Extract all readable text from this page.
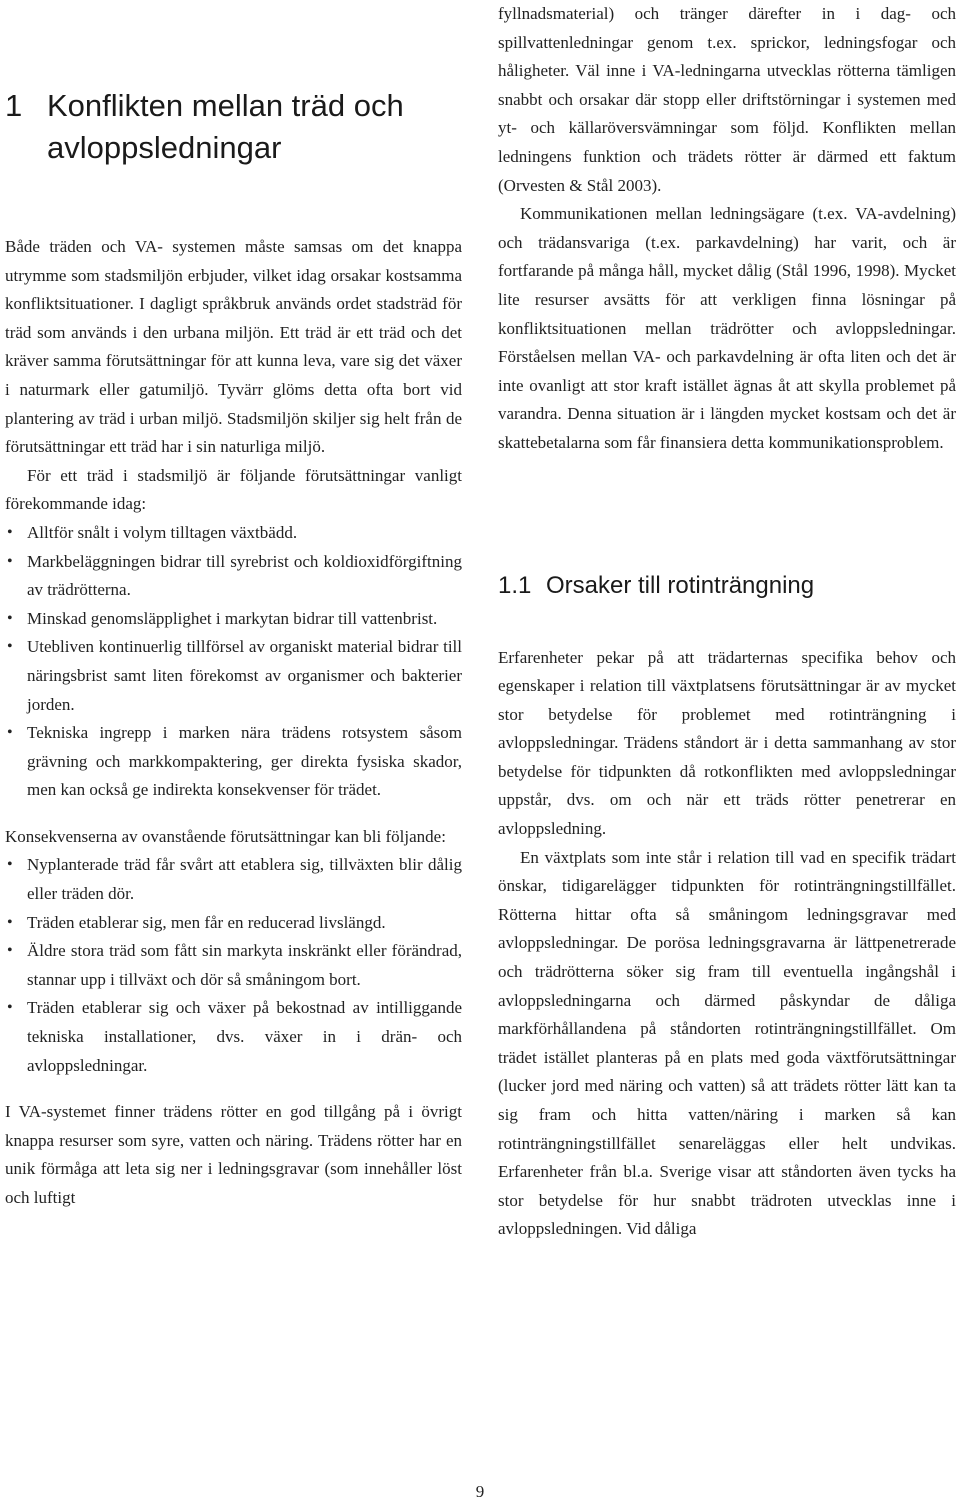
1 Konflikten mellan träd och avloppsledningar

Både träden och VA- systemen måste samsas om det knappa utrymme som stadsmiljön erbjuder, vilket idag orsakar kostsamma konfliktsituationer. I dagligt språkbruk används ordet stadsträd för träd som används i den urbana miljön. Ett träd är ett träd och det kräver samma förutsättningar för att kunna leva, vare sig det växer i naturmark eller gatumiljö. Tyvärr glöms detta ofta bort vid plantering av träd i urban miljö. Stadsmiljön skiljer sig helt från de förutsättningar ett träd har i sin naturliga miljö.

För ett träd i stadsmiljö är följande förutsättningar vanligt förekommande idag:

• Alltför snålt i volym tilltagen växtbädd.
• Markbeläggningen bidrar till syrebrist och koldioxidförgiftning av trädrötterna.
• Minskad genomsläpplighet i markytan bidrar till vattenbrist.
• Utebliven kontinuerlig tillförsel av organiskt material bidrar till näringsbrist samt liten förekomst av organismer och bakterier jorden.
• Tekniska ingrepp i marken nära trädens rotsystem såsom grävning och markkompaktering, ger direkta fysiska skador, men kan också ge indirekta konsekvenser för trädet.

Konsekvenserna av ovanstående förutsättningar kan bli följande:

• Nyplanterade träd får svårt att etablera sig, tillväxten blir dålig eller träden dör.
• Träden etablerar sig, men får en reducerad livslängd.
• Äldre stora träd som fått sin markyta inskränkt eller förändrad, stannar upp i tillväxt och dör så småningom bort.
• Träden etablerar sig och växer på bekostnad av intilliggande tekniska installationer, dvs. växer in i drän- och avloppsledningar.

I VA-systemet finner trädens rötter en god tillgång på i övrigt knappa resurser som syre, vatten och näring. Trädens rötter har en unik förmåga att leta sig ner i ledningsgravar (som innehåller löst och luftigt

fyllnadsmaterial) och tränger därefter in i dag- och spillvattenledningar genom t.ex. sprickor, ledningsfogar och håligheter. Väl inne i VA-ledningarna utvecklas rötterna tämligen snabbt och orsakar där stopp eller driftstörningar i systemen med yt- och källaröversvämningar som följd. Konflikten mellan ledningens funktion och trädets rötter är därmed ett faktum (Orvesten & Stål 2003).

Kommunikationen mellan ledningsägare (t.ex. VA-avdelning) och trädansvariga (t.ex. parkavdelning) har varit, och är fortfarande på många håll, mycket dålig (Stål 1996, 1998). Mycket lite resurser avsätts för att verkligen finna lösningar på konfliktsituationen mellan trädrötter och avloppsledningar. Förståelsen mellan VA- och parkavdelning är ofta liten och det är inte ovanligt att stor kraft istället ägnas åt att skylla problemet på varandra. Denna situation är i längden mycket kostsam och det är skattebetalarna som får finansiera detta kommunikationsproblem.

1.1 Orsaker till rotinträngning

Erfarenheter pekar på att trädarternas specifika behov och egenskaper i relation till växtplatsens förutsättningar är av mycket stor betydelse för problemet med rotinträngning i avloppsledningar. Trädens ståndort är i detta sammanhang av stor betydelse för tidpunkten då rotkonflikten med avloppsledningar uppstår, dvs. om och när ett träds rötter penetrerar en avloppsledning.

En växtplats som inte står i relation till vad en specifik trädart önskar, tidigarelägger tidpunkten för rotinträngningstillfället. Rötterna hittar ofta så småningom ledningsgravar med avloppsledningar. De porösa ledningsgravarna är lättpenetrerade och trädrötterna söker sig fram till eventuella ingångshål i avloppsledningarna och därmed påskyndar de dåliga markförhållandena på ståndorten rotinträngningstillfället. Om trädet istället planteras på en plats med goda växtförutsättningar (lucker jord med näring och vatten) så att trädets rötter lätt kan ta sig fram och hitta vatten/näring i marken så kan rotinträngningstillfället senareläggas eller helt undvikas. Erfarenheter från bl.a. Sverige visar att ståndorten även tycks ha stor betydelse för hur snabbt trädroten utvecklas inne i avloppsledningen. Vid dåliga

9
